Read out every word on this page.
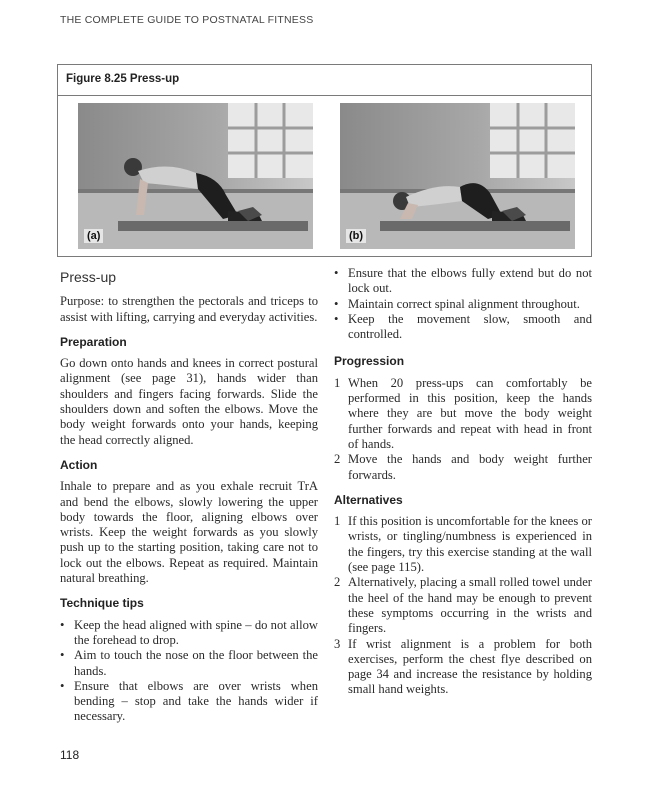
THE COMPLETE GUIDE TO POSTNATAL FITNESS
Figure 8.25 Press-up
(a)	(b)
Press-up

Purpose: to strengthen the pectorals and triceps to assist with lifting, carrying and everyday activities.

Preparation

Go down onto hands and knees in correct postural alignment (see page 31), hands wider than shoulders and fingers facing forwards. Slide the shoulders down and soften the elbows. Move the body weight forwards onto your hands, keeping the head correctly aligned.

Action

Inhale to prepare and as you exhale recruit TrA and bend the elbows, slowly lowering the upper body towards the floor, aligning elbows over wrists. Keep the weight forwards as you slowly push up to the starting position, taking care not to lock out the elbows. Repeat as required. Maintain natural breathing.

Technique tips
• Keep the head aligned with spine – do not allow the forehead to drop.
• Aim to touch the nose on the floor between the hands.
• Ensure that elbows are over wrists when bending – stop and take the hands wider if necessary.
• Ensure that the elbows fully extend but do not lock out.
• Maintain correct spinal alignment throughout.
• Keep the movement slow, smooth and controlled.
Progression
1 When 20 press-ups can comfortably be performed in this position, keep the hands where they are but move the body weight further forwards and repeat with head in front of hands.
2 Move the hands and body weight further forwards.
Alternatives
1 If this position is uncomfortable for the knees or wrists, or tingling/numbness is experienced in the fingers, try this exercise standing at the wall (see page 115).
2 Alternatively, placing a small rolled towel under the heel of the hand may be enough to prevent these symptoms occurring in the wrists and fingers.
3 If wrist alignment is a problem for both exercises, perform the chest flye described on page 34 and increase the resistance by holding small hand weights.
118
